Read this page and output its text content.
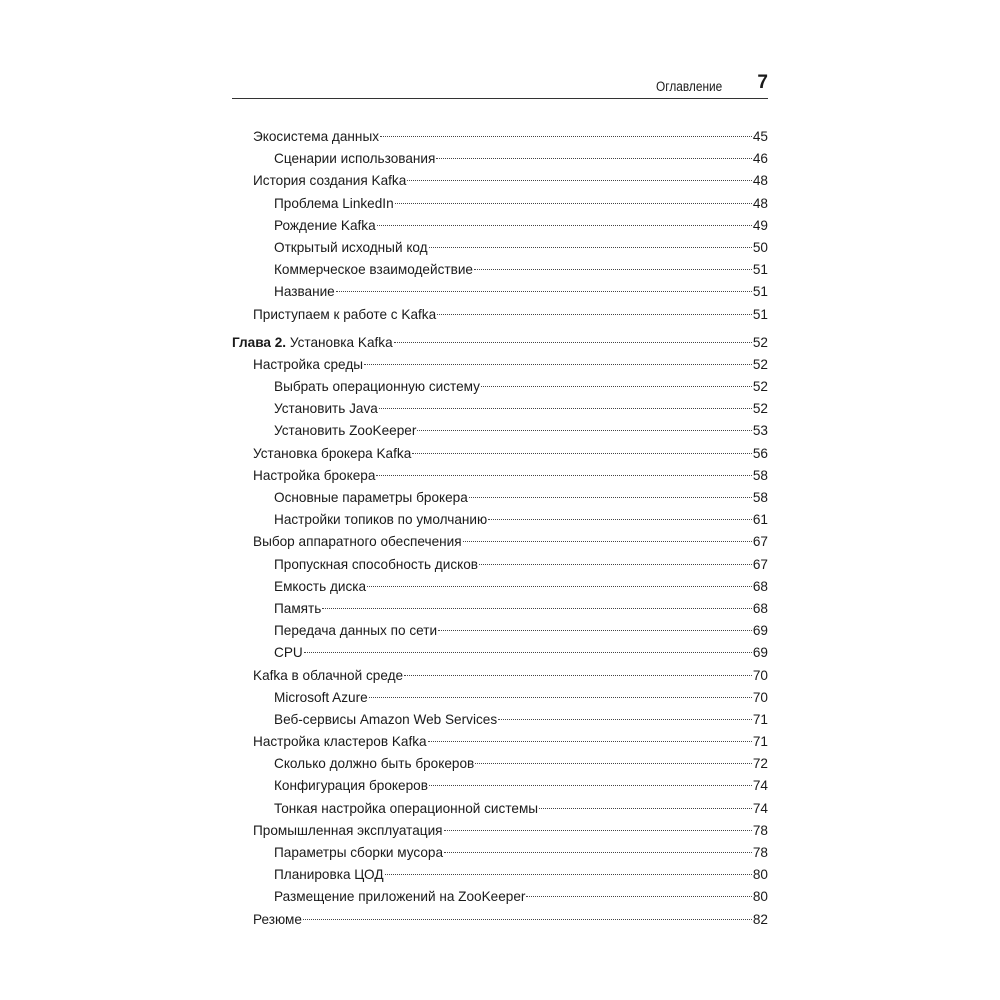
Оглавление 7
Экосистема данных	45
Сценарии использования	46
История создания Kafka	48
Проблема LinkedIn	48
Рождение Kafka	49
Открытый исходный код	50
Коммерческое взаимодействие	51
Название	51
Приступаем к работе с Kafka	51
Глава 2. Установка Kafka	52
Настройка среды	52
Выбрать операционную систему	52
Установить Java	52
Установить ZooKeeper	53
Установка брокера Kafka	56
Настройка брокера	58
Основные параметры брокера	58
Настройки топиков по умолчанию	61
Выбор аппаратного обеспечения	67
Пропускная способность дисков	67
Емкость диска	68
Память	68
Передача данных по сети	69
CPU	69
Kafka в облачной среде	70
Microsoft Azure	70
Веб-сервисы Amazon Web Services	71
Настройка кластеров Kafka	71
Сколько должно быть брокеров	72
Конфигурация брокеров	74
Тонкая настройка операционной системы	74
Промышленная эксплуатация	78
Параметры сборки мусора	78
Планировка ЦОД	80
Размещение приложений на ZooKeeper	80
Резюме	82
